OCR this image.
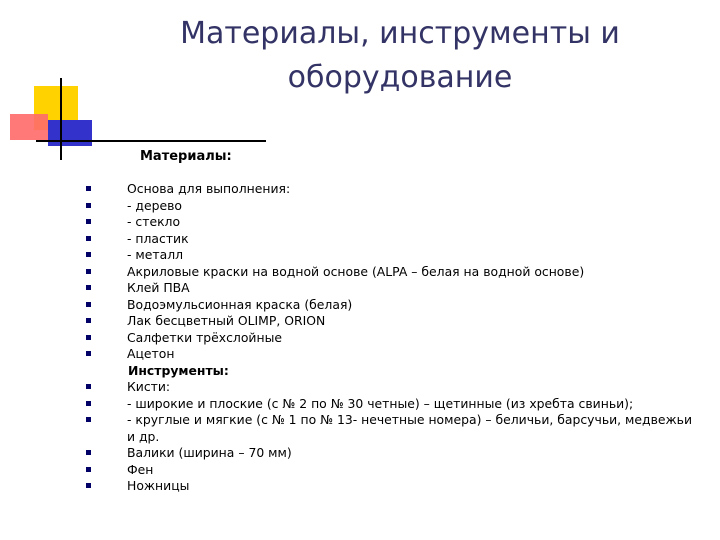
Материалы, инструменты и
оборудование
Материалы:
Основа для выполнения:
- дерево
- стекло
- пластик
- металл
Акриловые краски на водной основе (ALPA – белая на водной основе)
Клей ПВА
Водоэмульсионная краска (белая)
Лак бесцветный OLIMP, ORION
Салфетки трёхслойные
Ацетон
Инструменты:
Кисти:
- широкие и плоские (с № 2 по № 30 четные) – щетинные (из хребта свиньи);
- круглые и мягкие (с № 1 по № 13- нечетные номера) – беличьи, барсучьи, медвежьи и др.
Валики (ширина – 70 мм)
Фен
Ножницы
